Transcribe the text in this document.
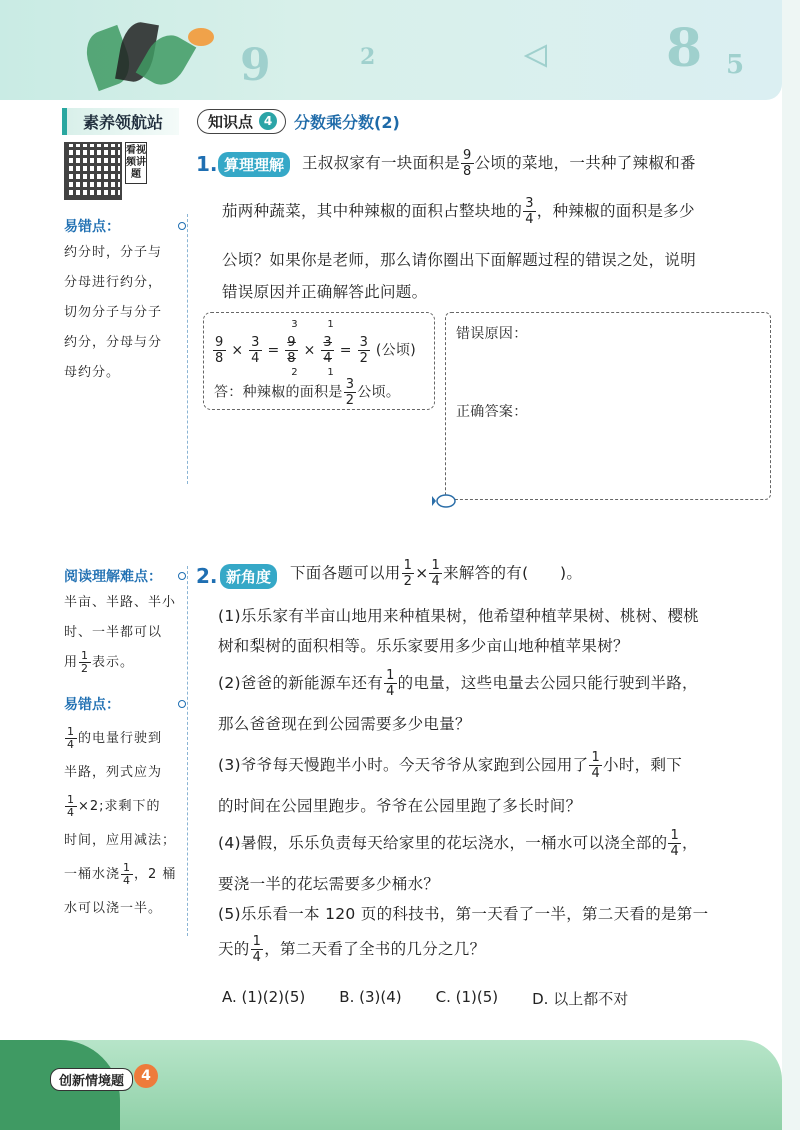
9	2	8 5
素养领航站	知识点 4	分数乘分数(2)
看视频讲题
易错点：
约分时，分子与
分母进行约分，
切勿分子与分子
约分，分母与分
母约分。
1. 算理理解	王叔叔家有一块面积是 $\frac{9}{8}$ 公顷的菜地，一共种了辣椒和番
茄两种蔬菜，其中种辣椒的面积占整块地的 $\frac{3}{4}$ ，种辣椒的面积是多少
公顷？如果你是老师，那么请你圈出下面解题过程的错误之处，说明
错误原因并正确解答此问题。
$\frac{9}{8} \times \frac{3}{4}$ =
3
9
8
2
×
1
3
4
1
= $\frac{3}{2}$ (公顷)
答：种辣椒的面积是 $\frac{3}{2}$ 公顷。
错误原因：
正确答案：
阅读理解难点：
半亩、半路、半小
时、一半都可以
用 $\frac{1}{2}$ 表示。
易错点：
$\frac{1}{4}$ 的电量行驶到
半路，列式应为
$\frac{1}{4} \times 2$;求剩下的
时间，应用减法；
一桶水浇 $\frac{1}{4}$ ，2 桶
水可以浇一半。
2. 新角度	下面各题可以用 $\frac{1}{2} \times \frac{1}{4}$ 来解答的有(　　)。
(1)乐乐家有半亩山地用来种植果树，他希望种植苹果树、桃树、樱桃
树和梨树的面积相等。乐乐家要用多少亩山地种植苹果树？
(2)爸爸的新能源车还有 $\frac{1}{4}$ 的电量，这些电量去公园只能行驶到半路，
那么爸爸现在到公园需要多少电量？
(3)爷爷每天慢跑半小时。今天爷爷从家跑到公园用了 $\frac{1}{4}$ 小时，剩下
的时间在公园里跑步。爷爷在公园里跑了多长时间？
(4)暑假，乐乐负责每天给家里的花坛浇水，一桶水可以浇全部的 $\frac{1}{4}$ ，
要浇一半的花坛需要多少桶水？
(5)乐乐看一本 120 页的科技书，第一天看了一半，第二天看的是第一
天的 $\frac{1}{4}$ ，第二天看了全书的几分之几？
A. (1)(2)(5) B. (3)(4) C. (1)(5) D. 以上都不对
创新情境题	4
